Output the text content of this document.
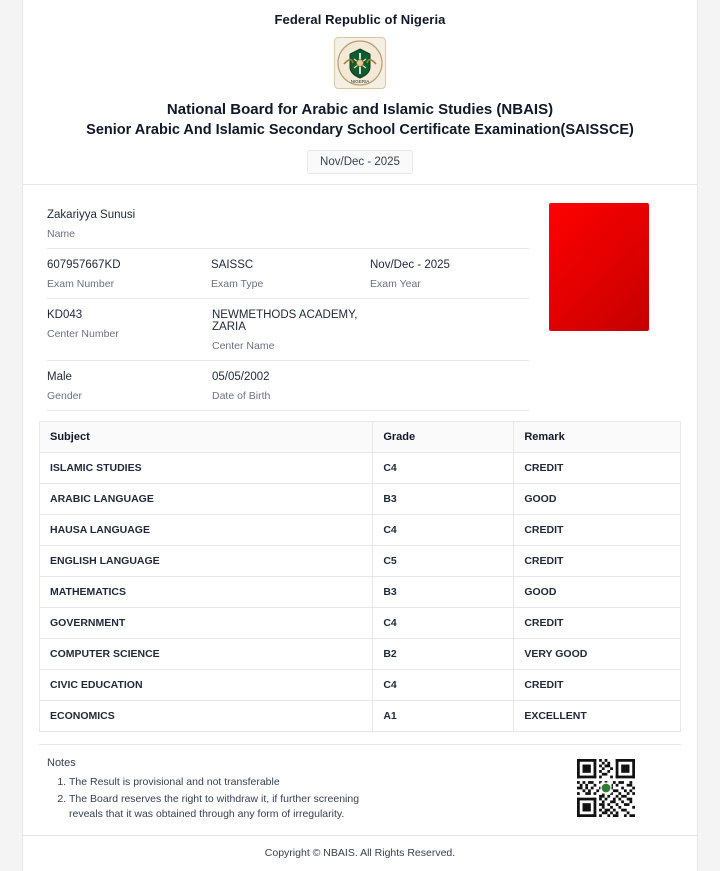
Federal Republic of Nigeria
NIGERIA
National Board for Arabic and Islamic Studies (NBAIS)
Senior Arabic And Islamic Secondary School Certificate Examination(SAISSCE)
Nov/Dec - 2025
Zakariyya Sunusi
Name
607957667KD
Exam Number
SAISSC
Exam Type
Nov/Dec - 2025
Exam Year
KD043
Center Number
NEWMETHODS ACADEMY, ZARIA
Center Name
Male
Gender
05/05/2002
Date of Birth
Subject	Grade	Remark
ISLAMIC STUDIES	C4	CREDIT
ARABIC LANGUAGE	B3	GOOD
HAUSA LANGUAGE	C4	CREDIT
ENGLISH LANGUAGE	C5	CREDIT
MATHEMATICS	B3	GOOD
GOVERNMENT	C4	CREDIT
COMPUTER SCIENCE	B2	VERY GOOD
CIVIC EDUCATION	C4	CREDIT
ECONOMICS	A1	EXCELLENT
Notes
1. The Result is provisional and not transferable
2. The Board reserves the right to withdraw it, if further screening reveals that it was obtained through any form of irregularity.
Copyright © NBAIS. All Rights Reserved.
